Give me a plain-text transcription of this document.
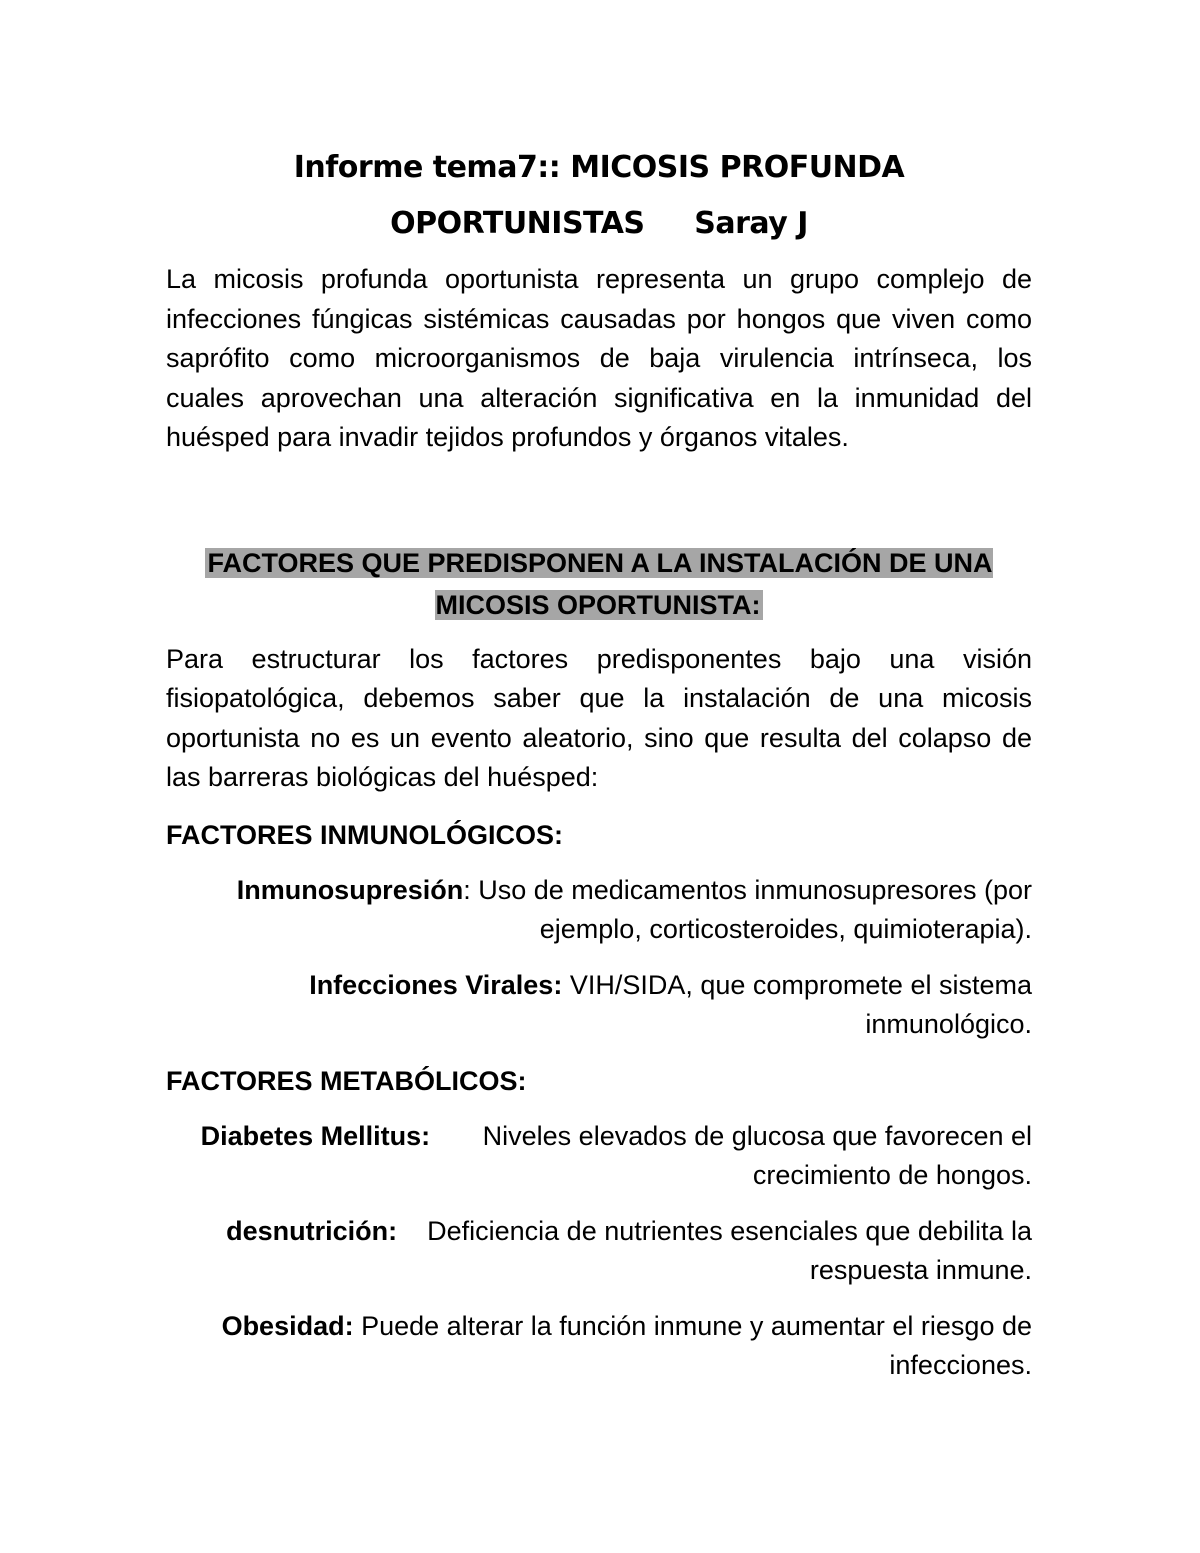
Informe tema7:: MICOSIS PROFUNDA
OPORTUNISTAS     Saray J

La micosis profunda oportunista representa un grupo complejo de infecciones fúngicas sistémicas causadas por hongos que viven como saprófito como microorganismos de baja virulencia intrínseca, los cuales aprovechan una alteración significativa en la inmunidad del huésped para invadir tejidos profundos y órganos vitales.

FACTORES QUE PREDISPONEN A LA INSTALACIÓN DE UNA MICOSIS OPORTUNISTA:

Para estructurar los factores predisponentes bajo una visión fisiopatológica, debemos saber que la instalación de una micosis oportunista no es un evento aleatorio, sino que resulta del colapso de las barreras biológicas del huésped:

FACTORES INMUNOLÓGICOS:

Inmunosupresión: Uso de medicamentos inmunosupresores (por ejemplo, corticosteroides, quimioterapia).

Infecciones Virales: VIH/SIDA, que compromete el sistema inmunológico.

FACTORES METABÓLICOS:

Diabetes Mellitus:       Niveles elevados de glucosa que favorecen el crecimiento de hongos.

desnutrición:    Deficiencia de nutrientes esenciales que debilita la respuesta inmune.

Obesidad: Puede alterar la función inmune y aumentar el riesgo de infecciones.
